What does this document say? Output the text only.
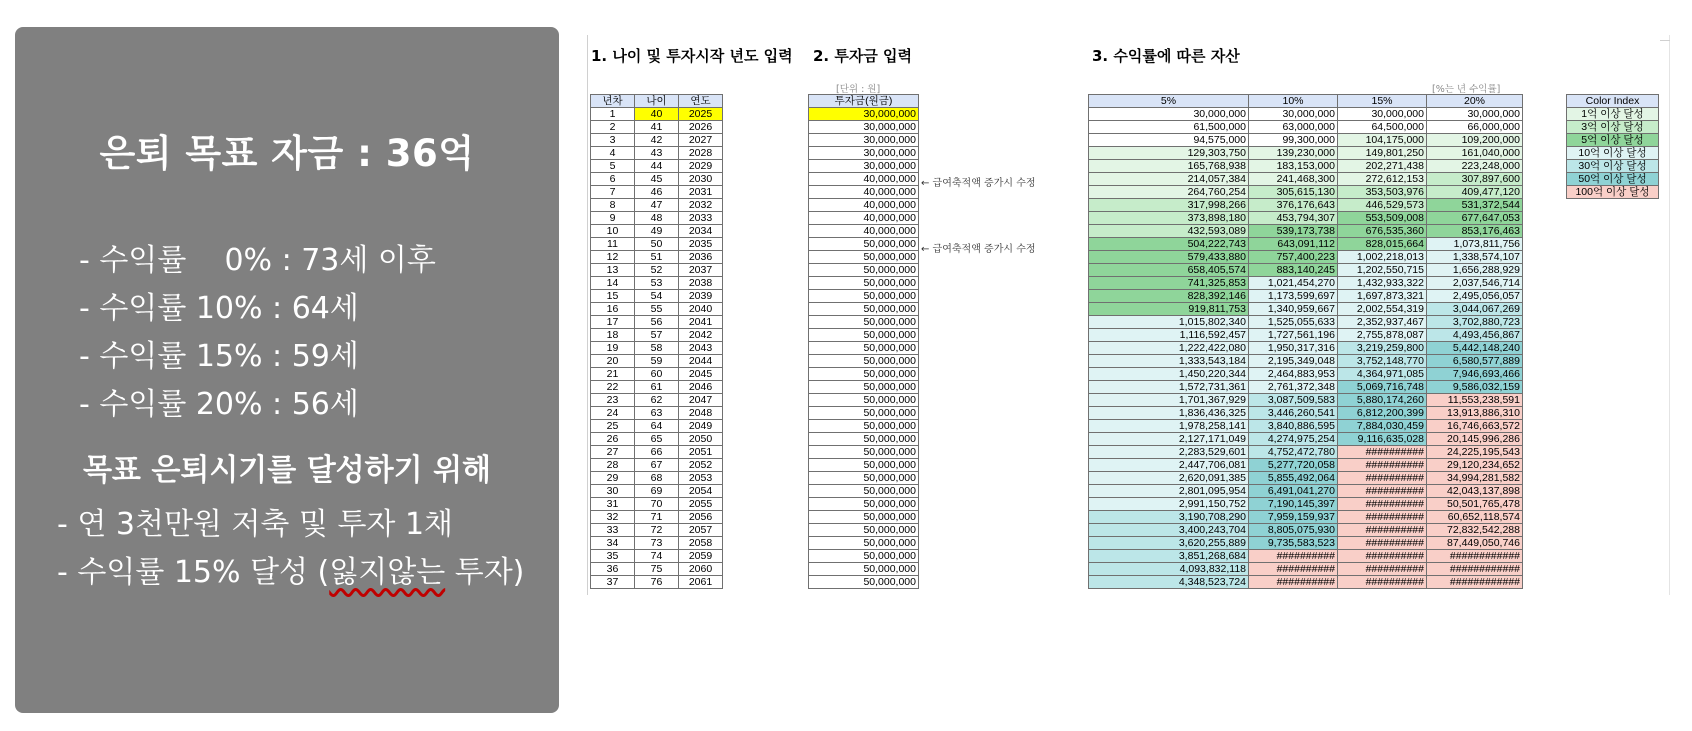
은퇴 목표 자금 : 36억
- 수익률    0% : 73세 이후
- 수익률 10% : 64세
- 수익률 15% : 59세
- 수익률 20% : 56세
목표 은퇴시기를 달성하기 위해
- 연 3천만원 저축 및 투자 1채
- 수익률 15% 달성 (잃지않는 투자)
1. 나이 및 투자시작 년도 입력 2. 투자금 입력	3. 수익률에 따른 자산
[단위 : 원]	[%는 년 수익률]
년차	나이	연도
1	40	2025
2	41	2026
3	42	2027
4	43	2028
5	44	2029
6	45	2030
7	46	2031
8	47	2032
9	48	2033
10	49	2034
11	50	2035
12	51	2036
13	52	2037
14	53	2038
15	54	2039
16	55	2040
17	56	2041
18	57	2042
19	58	2043
20	59	2044
21	60	2045
22	61	2046
23	62	2047
24	63	2048
25	64	2049
26	65	2050
27	66	2051
28	67	2052
29	68	2053
30	69	2054
31	70	2055
32	71	2056
33	72	2057
34	73	2058
35	74	2059
36	75	2060
37	76	2061
투자금(원금)
30,000,000
30,000,000
30,000,000
30,000,000
30,000,000
40,000,000
40,000,000
40,000,000
40,000,000
40,000,000
50,000,000
50,000,000
50,000,000
50,000,000
50,000,000
50,000,000
50,000,000
50,000,000
50,000,000
50,000,000
50,000,000
50,000,000
50,000,000
50,000,000
50,000,000
50,000,000
50,000,000
50,000,000
50,000,000
50,000,000
50,000,000
50,000,000
50,000,000
50,000,000
50,000,000
50,000,000
50,000,000
← 급여축적액 증가시 수정
← 급여축적액 증가시 수정
5%	10%	15%	20%
30,000,000	30,000,000	30,000,000	30,000,000
61,500,000	63,000,000	64,500,000	66,000,000
94,575,000	99,300,000	104,175,000	109,200,000
129,303,750	139,230,000	149,801,250	161,040,000
165,768,938	183,153,000	202,271,438	223,248,000
214,057,384	241,468,300	272,612,153	307,897,600
264,760,254	305,615,130	353,503,976	409,477,120
317,998,266	376,176,643	446,529,573	531,372,544
373,898,180	453,794,307	553,509,008	677,647,053
432,593,089	539,173,738	676,535,360	853,176,463
504,222,743	643,091,112	828,015,664	1,073,811,756
579,433,880	757,400,223	1,002,218,013	1,338,574,107
658,405,574	883,140,245	1,202,550,715	1,656,288,929
741,325,853	1,021,454,270	1,432,933,322	2,037,546,714
828,392,146	1,173,599,697	1,697,873,321	2,495,056,057
919,811,753	1,340,959,667	2,002,554,319	3,044,067,269
1,015,802,340	1,525,055,633	2,352,937,467	3,702,880,723
1,116,592,457	1,727,561,196	2,755,878,087	4,493,456,867
1,222,422,080	1,950,317,316	3,219,259,800	5,442,148,240
1,333,543,184	2,195,349,048	3,752,148,770	6,580,577,889
1,450,220,344	2,464,883,953	4,364,971,085	7,946,693,466
1,572,731,361	2,761,372,348	5,069,716,748	9,586,032,159
1,701,367,929	3,087,509,583	5,880,174,260	11,553,238,591
1,836,436,325	3,446,260,541	6,812,200,399	13,913,886,310
1,978,258,141	3,840,886,595	7,884,030,459	16,746,663,572
2,127,171,049	4,274,975,254	9,116,635,028	20,145,996,286
2,283,529,601	4,752,472,780	##########	24,225,195,543
2,447,706,081	5,277,720,058	##########	29,120,234,652
2,620,091,385	5,855,492,064	##########	34,994,281,582
2,801,095,954	6,491,041,270	##########	42,043,137,898
2,991,150,752	7,190,145,397	##########	50,501,765,478
3,190,708,290	7,959,159,937	##########	60,652,118,574
3,400,243,704	8,805,075,930	##########	72,832,542,288
3,620,255,889	9,735,583,523	##########	87,449,050,746
3,851,268,684	##########	##########	############
4,093,832,118	##########	##########	############
4,348,523,724	##########	##########	############
Color Index
1억 이상 달성
3억 이상 달성
5억 이상 달성
10억 이상 달성
30억 이상 달성
50억 이상 달성
100억 이상 달성
